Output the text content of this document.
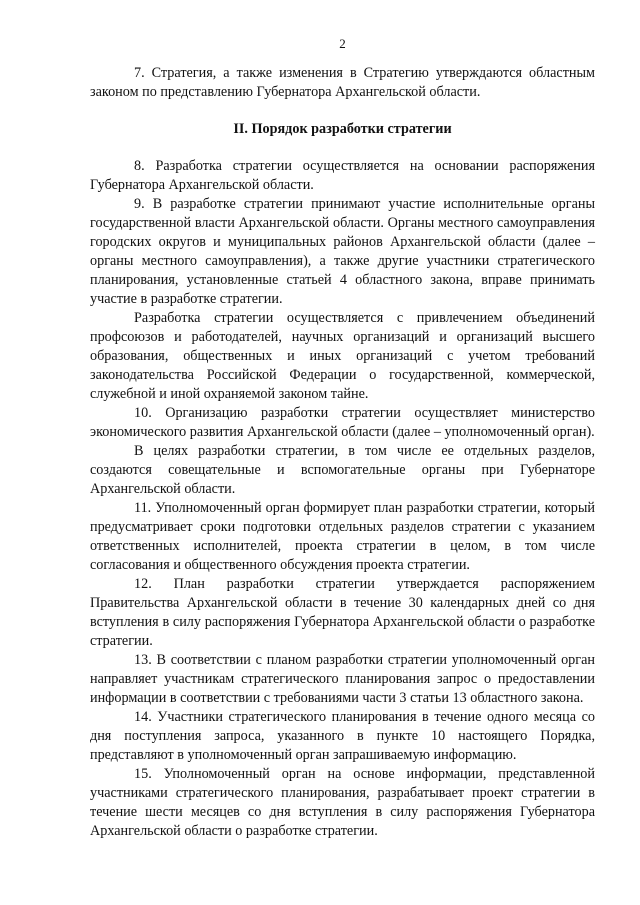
2

7. Стратегия, а также изменения в Стратегию утверждаются областным законом по представлению Губернатора Архангельской области.

II. Порядок разработки стратегии

8. Разработка стратегии осуществляется на основании распоряжения Губернатора Архангельской области.

9. В разработке стратегии принимают участие исполнительные органы государственной власти Архангельской области. Органы местного самоуправления городских округов и муниципальных районов Архангельской области (далее – органы местного самоуправления), а также другие участники стратегического планирования, установленные статьей 4 областного закона, вправе принимать участие в разработке стратегии.

Разработка стратегии осуществляется с привлечением объединений профсоюзов и работодателей, научных организаций и организаций высшего образования, общественных и иных организаций с учетом требований законодательства Российской Федерации о государственной, коммерческой, служебной и иной охраняемой законом тайне.

10. Организацию разработки стратегии осуществляет министерство экономического развития Архангельской области (далее – уполномоченный орган).

В целях разработки стратегии, в том числе ее отдельных разделов, создаются совещательные и вспомогательные органы при Губернаторе Архангельской области.

11. Уполномоченный орган формирует план разработки стратегии, который предусматривает сроки подготовки отдельных разделов стратегии с указанием ответственных исполнителей, проекта стратегии в целом, в том числе согласования и общественного обсуждения проекта стратегии.

12. План разработки стратегии утверждается распоряжением Правительства Архангельской области в течение 30 календарных дней со дня вступления в силу распоряжения Губернатора Архангельской области о разработке стратегии.

13. В соответствии с планом разработки стратегии уполномоченный орган направляет участникам стратегического планирования запрос о предоставлении информации в соответствии с требованиями части 3 статьи 13 областного закона.

14. Участники стратегического планирования в течение одного месяца со дня поступления запроса, указанного в пункте 10 настоящего Порядка, представляют в уполномоченный орган запрашиваемую информацию.

15. Уполномоченный орган на основе информации, представленной участниками стратегического планирования, разрабатывает проект стратегии в течение шести месяцев со дня вступления в силу распоряжения Губернатора Архангельской области о разработке стратегии.
